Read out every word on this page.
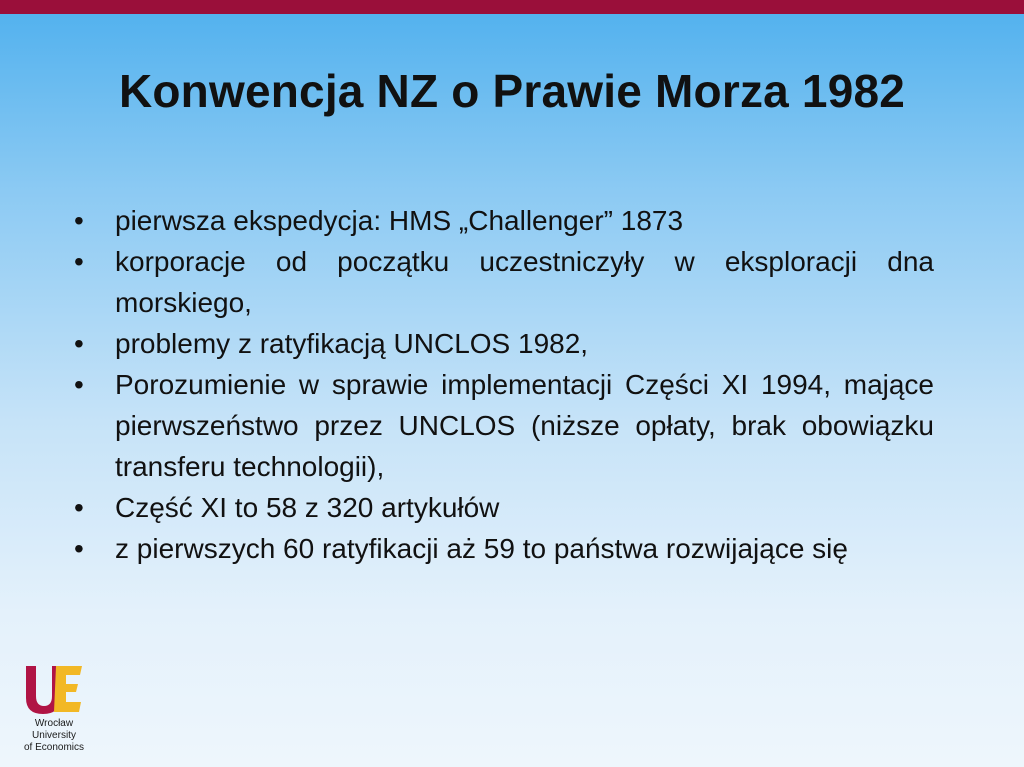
Konwencja NZ o Prawie Morza 1982
• pierwsza ekspedycja: HMS „Challenger” 1873
• korporacje od początku uczestniczyły w eksploracji dna morskiego,
• problemy z ratyfikacją UNCLOS 1982,
• Porozumienie w sprawie implementacji Części XI 1994, mające pierwszeństwo przez UNCLOS (niższe opłaty, brak obowiązku transferu technologii),
• Część XI to 58 z 320 artykułów
• z pierwszych 60 ratyfikacji aż 59 to państwa rozwijające się
Wrocław
University
of Economics
